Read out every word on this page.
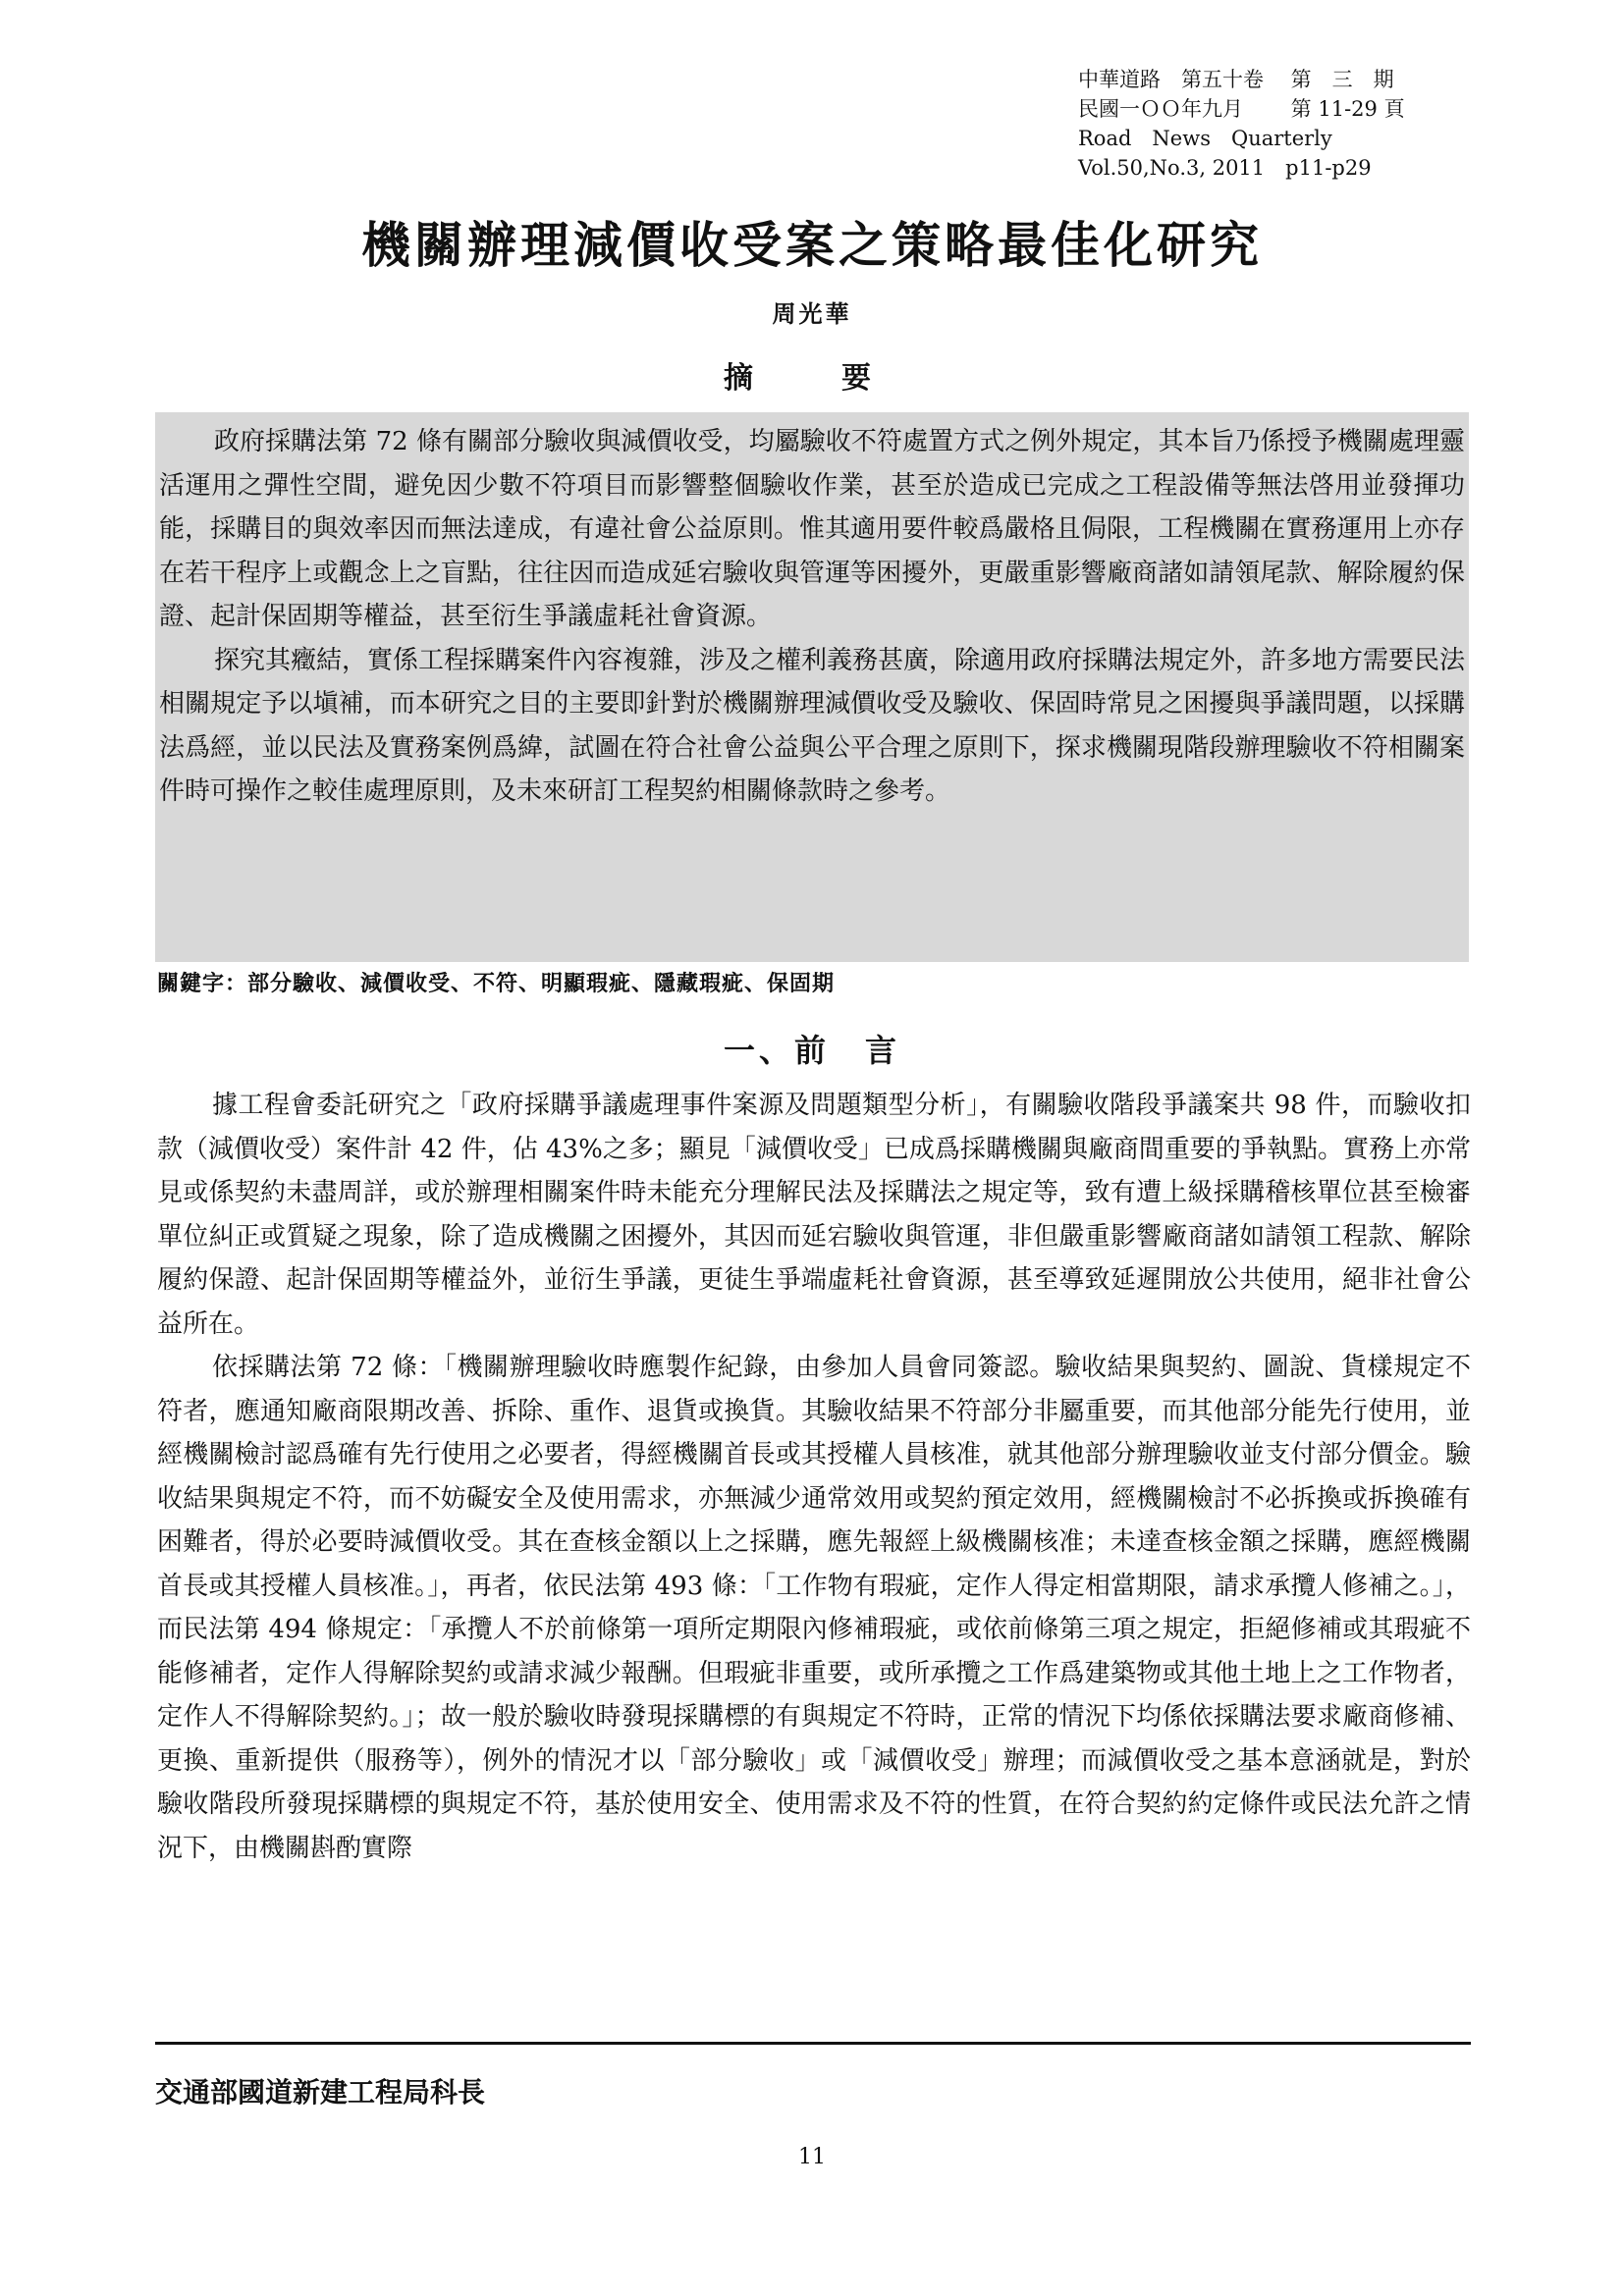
中華道路　第五十卷　 第　三　期
民國一ＯＯ年九月　　 第 11-29 頁
Road　News　Quarterly
Vol.50,No.3, 2011　p11-p29
機關辦理減價收受案之策略最佳化研究
周光華
摘　要

政府採購法第 72 條有關部分驗收與減價收受，均屬驗收不符處置方式之例外規定，其本旨乃係授予機關處理靈活運用之彈性空間，避免因少數不符項目而影響整個驗收作業，甚至於造成已完成之工程設備等無法啓用並發揮功能，採購目的與效率因而無法達成，有違社會公益原則。惟其適用要件較爲嚴格且侷限，工程機關在實務運用上亦存在若干程序上或觀念上之盲點，往往因而造成延宕驗收與管運等困擾外，更嚴重影響廠商諸如請領尾款、解除履約保證、起計保固期等權益，甚至衍生爭議虛耗社會資源。

探究其癥結，實係工程採購案件內容複雜，涉及之權利義務甚廣，除適用政府採購法規定外，許多地方需要民法相關規定予以塡補，而本研究之目的主要即針對於機關辦理減價收受及驗收、保固時常見之困擾與爭議問題，以採購法爲經，並以民法及實務案例爲緯，試圖在符合社會公益與公平合理之原則下，探求機關現階段辦理驗收不符相關案件時可操作之較佳處理原則，及未來研訂工程契約相關條款時之參考。

關鍵字：部分驗收、減價收受、不符、明顯瑕疵、隱藏瑕疵、保固期
一、前　言

據工程會委託研究之「政府採購爭議處理事件案源及問題類型分析」，有關驗收階段爭議案共 98 件，而驗收扣款（減價收受）案件計 42 件，佔 43%之多；顯見「減價收受」已成爲採購機關與廠商間重要的爭執點。實務上亦常見或係契約未盡周詳，或於辦理相關案件時未能充分理解民法及採購法之規定等，致有遭上級採購稽核單位甚至檢審單位糾正或質疑之現象，除了造成機關之困擾外，其因而延宕驗收與管運，非但嚴重影響廠商諸如請領工程款、解除履約保證、起計保固期等權益外，並衍生爭議，更徒生爭端虛耗社會資源，甚至導致延遲開放公共使用，絕非社會公益所在。

依採購法第 72 條：「機關辦理驗收時應製作紀錄，由參加人員會同簽認。驗收結果與契約、圖說、貨樣規定不符者，應通知廠商限期改善、拆除、重作、退貨或換貨。其驗收結果不符部分非屬重要，而其他部分能先行使用，並經機關檢討認爲確有先行使用之必要者，得經機關首長或其授權人員核准，就其他部分辦理驗收並支付部分價金。驗收結果與規定不符，而不妨礙安全及使用需求，亦無減少通常效用或契約預定效用，經機關檢討不必拆換或拆換確有困難者，得於必要時減價收受。其在查核金額以上之採購，應先報經上級機關核准；未達查核金額之採購，應經機關首長或其授權人員核准。」，再者，依民法第 493 條：「工作物有瑕疵，定作人得定相當期限，請求承攬人修補之。」，而民法第 494 條規定：「承攬人不於前條第一項所定期限內修補瑕疵，或依前條第三項之規定，拒絕修補或其瑕疵不能修補者，定作人得解除契約或請求減少報酬。但瑕疵非重要，或所承攬之工作爲建築物或其他土地上之工作物者，定作人不得解除契約。」；故一般於驗收時發現採購標的有與規定不符時，正常的情況下均係依採購法要求廠商修補、更換、重新提供（服務等），例外的情況才以「部分驗收」或「減價收受」辦理；而減價收受之基本意涵就是，對於驗收階段所發現採購標的與規定不符，基於使用安全、使用需求及不符的性質，在符合契約約定條件或民法允許之情況下，由機關斟酌實際

交通部國道新建工程局科長
11
